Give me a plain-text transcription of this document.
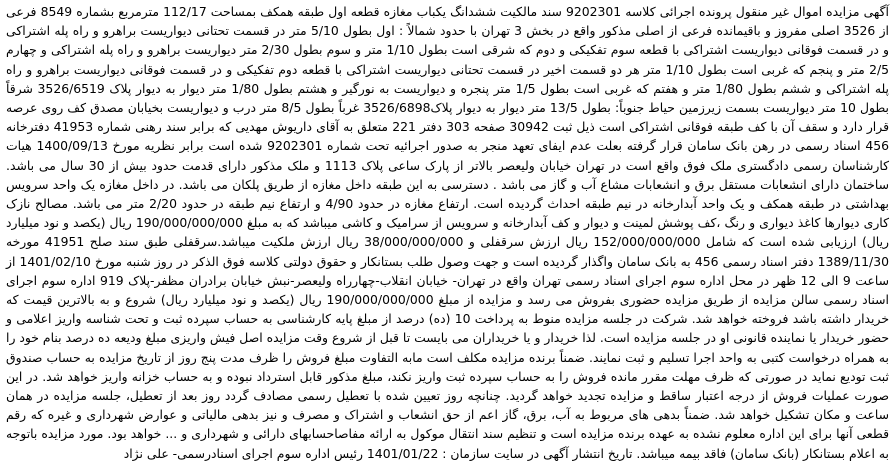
آگهی مزایده اموال غیر منقول پرونده اجرائی کلاسه 9202301 سند مالکیت ششدانگ یکباب مغازه قطعه اول طبقه همکف بمساحت 112/17 مترمربع بشماره 8549 فرعی از 3526 اصلی مفروز و باقیمانده فرعی از اصلی مذکور واقع در بخش 3 تهران با حدود شمالاً : اول بطول 5/10 متر در قسمت تحتانی دیواریست براهرو و راه پله اشتراکی و در قسمت فوقانی دیواریست اشتراکی با قطعه سوم تفکیکی و دوم که شرقی است بطول 1/10 متر و سوم بطول 2/30 متر دیواریست براهرو و راه پله اشتراکی و چهارم 2/5 متر و پنجم که غربی است بطول 1/10 متر هر دو قسمت اخیر در قسمت تحتانی دیواریست اشتراکی با قطعه دوم تفکیکی و در قسمت فوقانی دیواریست براهرو و راه پله اشتراکی و ششم بطول 1/80 متر و هفتم که غربی است بطول 1/5 متر پنجره و دیواریست به نورگیر و هشتم بطول 1/80 متر دیوار به دیوار پلاک 3526/6519 شرقاً بطول 10 متر دیواریست بسمت زیرزمین حیاط جنوباً: بطول 13/5 متر دیوار به دیوار پلاک3526/6898 غرباً بطول 8/5 متر درب و دیواریست بخیابان مصدق کف روی عرصه قرار دارد و سقف آن با کف طبقه فوقانی اشتراکی است ذیل ثبت 30942 صفحه 303 دفتر 221 متعلق به آقای داریوش مهدیی که برابر سند رهنی شماره 41953 دفترخانه 456 اسناد رسمی در رهن بانک سامان قرار گرفته بعلت عدم ایفای تعهد منجر به صدور اجرائیه تحت شماره 9202301 شده است برابر نظریه مورخ 1400/09/13 هیات کارشناسان رسمی دادگستری ملک فوق واقع است در تهران خیابان ولیعصر بالاتر از پارک ساعی پلاک 1113 و ملک مذکور دارای قدمت حدود بیش از 30 سال می باشد. ساختمان دارای انشعابات مستقل برق و انشعابات مشاع آب و گاز می باشد . دسترسی به این طبقه داخل مغازه از طریق پلکان می باشد. در داخل مغازه یک واحد سرویس بهداشتی در طبقه همکف و یک واحد آبدارخانه در نیم طبقه احداث گردیده است. ارتفاع مغازه در حدود 4/90 و ارتفاع نیم طبقه در حدود 2/20 متر می باشد. مصالح نازک کاری دیوارها کاغذ دیواری و رنگ ،کف پوشش لمینت و دیوار و کف آبدارخانه و سرویس از سرامیک و کاشی میباشد که به مبلغ 190/000/000/000 ریال (یکصد و نود میلیارد ریال) ارزیابی شده است که شامل 152/000/000/000 ریال ارزش سرقفلی و 38/000/000/000 ریال ارزش ملکیت میباشد.سرقفلی طبق سند صلح 41951 مورخه 1389/11/30 دفتر اسناد رسمی 456 به بانک سامان واگذار گردیده است و جهت وصول طلب بستانکار و حقوق دولتی کلاسه فوق الذکر در روز شنبه مورخ 1401/02/10 از ساعت 9 الی 12 ظهر در محل اداره سوم اجرای اسناد رسمی تهران واقع در تهران- خیابان انقلاب-چهارراه ولیعصر-نبش خیابان برادران مظفر-پلاک 919 اداره سوم اجرای اسناد رسمی سالن مزایده از طریق مزایده حضوری بفروش می رسد و مزایده از مبلغ 190/000/000/000 ریال (یکصد و نود میلیارد ریال) شروع و به بالاترین قیمت که خریدار داشته باشد فروخته خواهد شد. شرکت در جلسه مزایده منوط به پرداخت 10 (ده) درصد از مبلغ پایه کارشناسی به حساب سپرده ثبت و تحت شناسه واریز اعلامی و حضور خریدار یا نماینده قانونی او در جلسه مزایده است. لذا خریدار و یا خریداران می بایست تا قبل از شروع وقت مزایده اصل فیش واریزی مبلغ ودیعه ده درصد بنام خود را به همراه درخواست کتبی به واحد اجرا تسلیم و ثبت نمایند. ضمناً برنده مزایده مکلف است مابه التفاوت مبلغ فروش را ظرف مدت پنج روز از تاریخ مزایده به حساب صندوق ثبت تودیع نماید در صورتی که ظرف مهلت مقرر مانده فروش را به حساب سپرده ثبت واریز نکند، مبلغ مذکور قابل استرداد نبوده و به حساب خزانه واریز خواهد شد. در این صورت عملیات فروش از درجه اعتبار ساقط و مزایده تجدید خواهد گردید. چنانچه روز تعیین شده با تعطیل رسمی مصادف گردد روز بعد از تعطیل، جلسه مزایده در همان ساعت و مکان تشکیل خواهد شد. ضمناً بدهی های مربوط به آب، برق، گاز اعم از حق انشعاب و اشتراک و مصرف و نیز بدهی مالیاتی و عوارض شهرداری و غیره که رقم قطعی آنها برای این اداره معلوم نشده به عهده برنده مزایده است و تنظیم سند انتقال موکول به ارائه مفاصاحسابهای دارائی و شهرداری و ... خواهد بود. مورد مزایده باتوجه به اعلام بستانکار (بانک سامان) فاقد بیمه میباشد. تاریخ انتشار آگهی در سایت سازمان : 1401/01/22 رئیس اداره سوم اجرای اسنادرسمی- علی نژاد
